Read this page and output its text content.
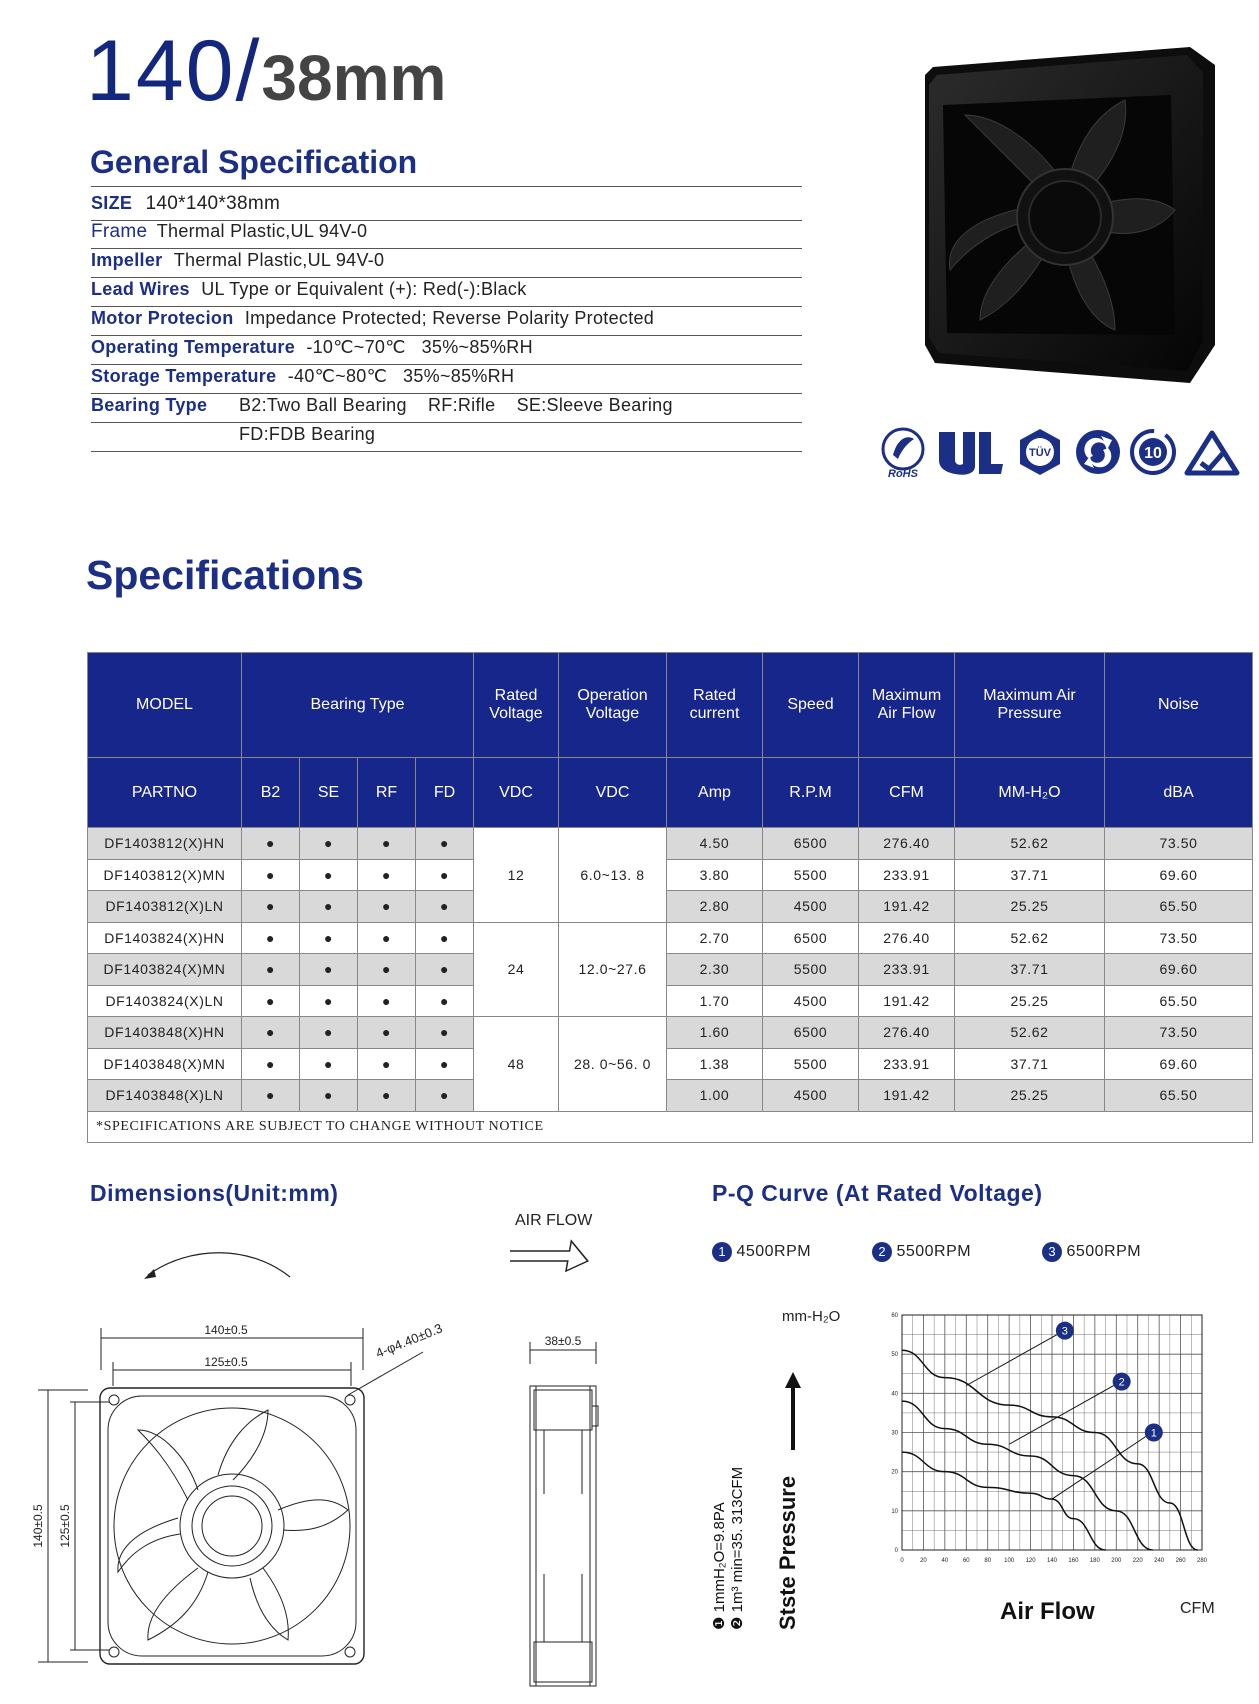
140/38mm
General Specification
SIZE 140*140*38mm
Frame Thermal Plastic,UL 94V-0
Impeller Thermal Plastic,UL 94V-0
Lead Wires UL Type or Equivalent (+): Red(-):Black
Motor Protecion Impedance Protected; Reverse Polarity Protected
Operating Temperature -10℃~70℃   35%~85%RH
Storage Temperature -40℃~80℃   35%~85%RH
Bearing Type B2:Two Ball Bearing    RF:Rifle    SE:Sleeve Bearing
FD:FDB Bearing
RoHS
TÜV	10
Specifications
MODEL	Bearing Type				Rated Voltage	Operation Voltage	Rated current	Speed	Maximum Air Flow	Maximum Air Pressure	Noise
PARTNO	B2	SE	RF	FD	VDC	VDC	Amp	R.P.M	CFM	MM-H₂O	dBA
DF1403812(X)HN	●	●	●	●	12	6.0~13. 8	4.50	6500	276.40	52.62	73.50
DF1403812(X)MN	●	●	●	●			3.80	5500	233.91	37.71	69.60
DF1403812(X)LN	●	●	●	●			2.80	4500	191.42	25.25	65.50
DF1403824(X)HN	●	●	●	●	24	12.0~27.6	2.70	6500	276.40	52.62	73.50
DF1403824(X)MN	●	●	●	●			2.30	5500	233.91	37.71	69.60
DF1403824(X)LN	●	●	●	●			1.70	4500	191.42	25.25	65.50
DF1403848(X)HN	●	●	●	●	48	28. 0~56. 0	1.60	6500	276.40	52.62	73.50
DF1403848(X)MN	●	●	●	●			1.38	5500	233.91	37.71	69.60
DF1403848(X)LN	●	●	●	●			1.00	4500	191.42	25.25	65.50
*SPECIFICATIONS ARE SUBJECT TO CHANGE WITHOUT NOTICE											
Dimensions(Unit:mm)
AIR FLOW
140±0.5
125±0.5
140±0.5 125±0.5
4-φ4.40±0.3	38±0.5
P-Q Curve (At Rated Voltage)
1 4500RPM	2 5500RPM	3 6500RPM
mm-H₂O
❶ 1mmH₂O=9.8PA
❷ 1m³ min=35. 313CFM Stste Pressure	0	20 40 60 80 100 120 140 160 180 200 220 240 260 280
0
10
20
30
40
50
60
1
2
3
Air Flow	CFM
